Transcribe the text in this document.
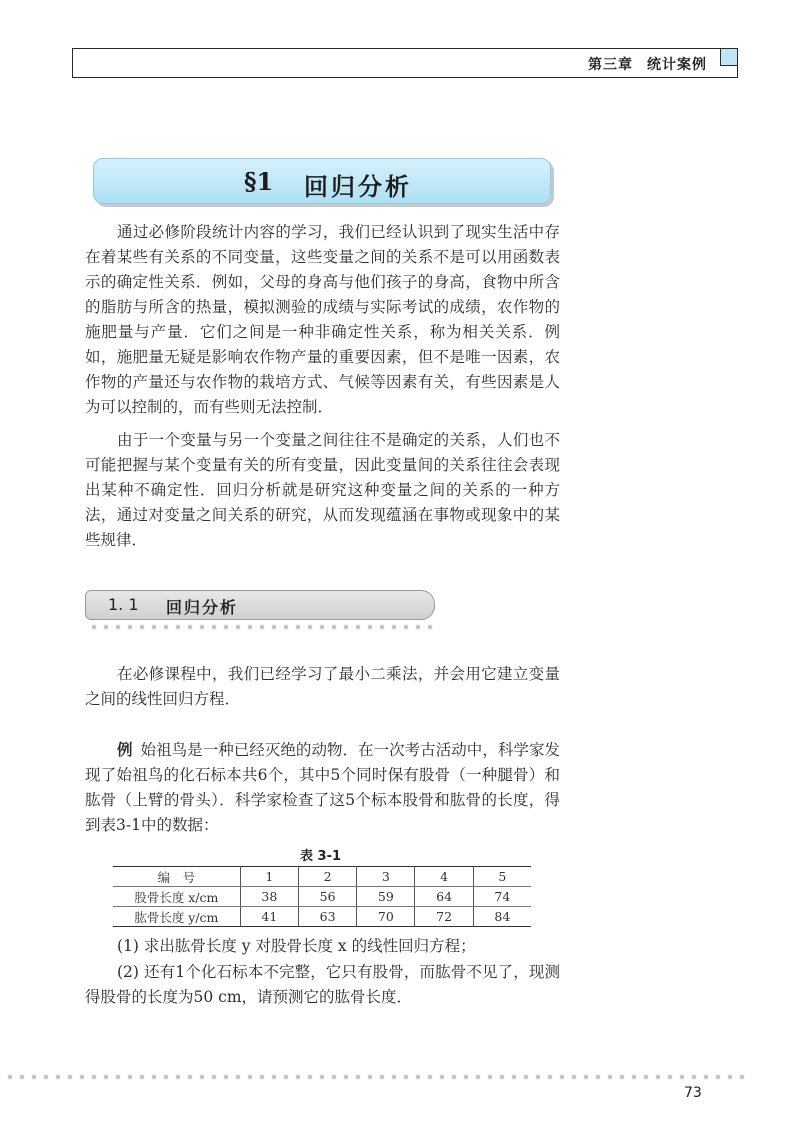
第三章 统计案例
§1 回归分析

通过必修阶段统计内容的学习，我们已经认识到了现实生活中存在着某些有关系的不同变量，这些变量之间的关系不是可以用函数表示的确定性关系．例如，父母的身高与他们孩子的身高，食物中所含的脂肪与所含的热量，模拟测验的成绩与实际考试的成绩，农作物的施肥量与产量．它们之间是一种非确定性关系，称为相关关系．例如，施肥量无疑是影响农作物产量的重要因素，但不是唯一因素，农作物的产量还与农作物的栽培方式、气候等因素有关，有些因素是人为可以控制的，而有些则无法控制．

由于一个变量与另一个变量之间往往不是确定的关系，人们也不可能把握与某个变量有关的所有变量，因此变量间的关系往往会表现出某种不确定性．回归分析就是研究这种变量之间的关系的一种方法，通过对变量之间关系的研究，从而发现蕴涵在事物或现象中的某些规律．

1. 1 回归分析

在必修课程中，我们已经学习了最小二乘法，并会用它建立变量之间的线性回归方程．

例 始祖鸟是一种已经灭绝的动物．在一次考古活动中，科学家发现了始祖鸟的化石标本共6个，其中5个同时保有股骨（一种腿骨）和肱骨（上臂的骨头）．科学家检查了这5个标本股骨和肱骨的长度，得到表3-1中的数据：

表 3-1
编　号	1	2	3	4	5
股骨长度 x/cm	38	56	59	64	74
肱骨长度 y/cm	41	63	70	72	84

(1) 求出肱骨长度 y 对股骨长度 x 的线性回归方程；

(2) 还有1个化石标本不完整，它只有股骨，而肱骨不见了，现测得股骨的长度为50 cm，请预测它的肱骨长度．

73
